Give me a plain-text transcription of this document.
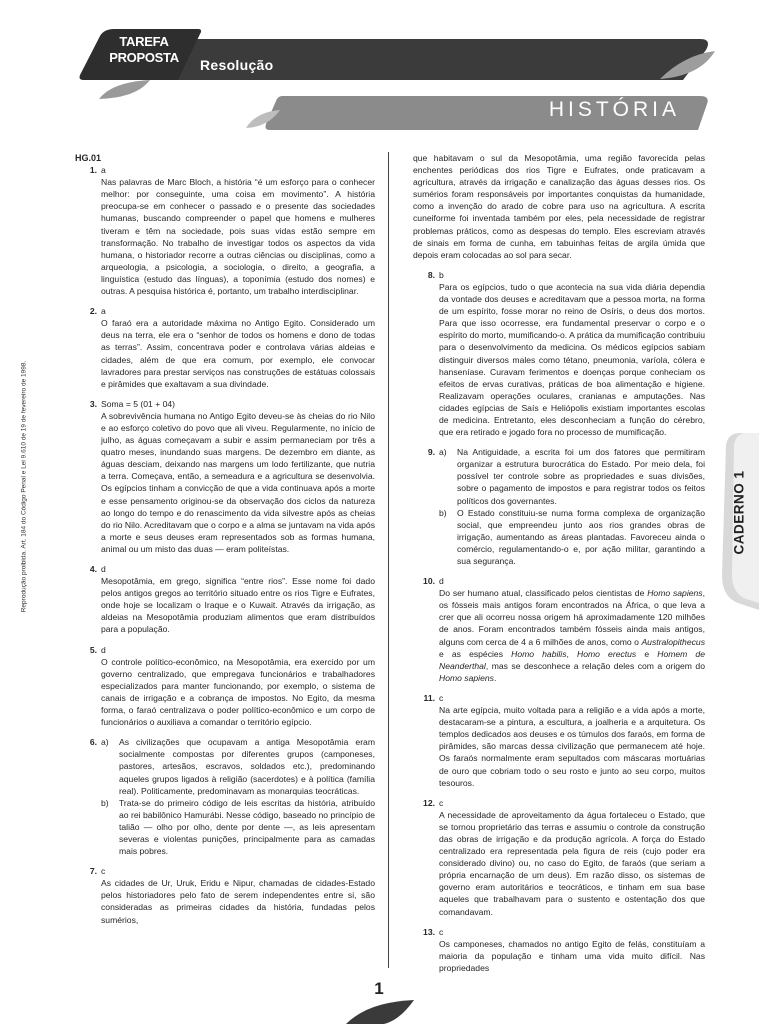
TAREFA
PROPOSTA	Resolução
HISTÓRIA
Reprodução proibida. Art. 184 do Código Penal e Lei 9.610 de 19 de fevereiro de 1998.	CADERNO 1
HG.01
1. a

Nas palavras de Marc Bloch, a história “é um esforço para o conhecer melhor: por conseguinte, uma coisa em movimento”. A história preocupa-se em conhecer o passado e o presente das sociedades humanas, buscando compreender o papel que homens e mulheres tiveram e têm na sociedade, pois suas vidas estão sempre em transformação. No trabalho de investigar todos os aspectos da vida humana, o historiador recorre a outras ciências ou disciplinas, como a arqueologia, a psicologia, a sociologia, o direito, a geografia, a linguística (estudo das línguas), a toponímia (estudo dos nomes) e outras. A pesquisa histórica é, portanto, um trabalho interdisciplinar.

2. a

O faraó era a autoridade máxima no Antigo Egito. Considerado um deus na terra, ele era o “senhor de todos os homens e dono de todas as terras”. Assim, concentrava poder e controlava várias aldeias e cidades, além de que era comum, por exemplo, ele convocar lavradores para prestar serviços nas construções de estátuas colossais e pirâmides que exaltavam a sua divindade.

3. Soma = 5 (01 + 04)

A sobrevivência humana no Antigo Egito deveu-se às cheias do rio Nilo e ao esforço coletivo do povo que ali viveu. Regularmente, no início de julho, as águas começavam a subir e assim permaneciam por três a quatro meses, inundando suas margens. De dezembro em diante, as águas desciam, deixando nas margens um lodo fertilizante, que nutria a terra. Começava, então, a semeadura e a agricultura se desenvolvia. Os egípcios tinham a convicção de que a vida continuava após a morte e esse pensamento originou-se da observação dos ciclos da natureza ao longo do tempo e do renascimento da vida silvestre após as cheias do rio Nilo. Acreditavam que o corpo e a alma se juntavam na vida após a morte e seus deuses eram representados sob as formas humana, animal ou um misto das duas — eram politeístas.

4. d

Mesopotâmia, em grego, significa “entre rios”. Esse nome foi dado pelos antigos gregos ao território situado entre os rios Tigre e Eufrates, onde hoje se localizam o Iraque e o Kuwait. Através da irrigação, as aldeias na Mesopotâmia produziam alimentos que eram distribuídos para a população.

5. d

O controle político-econômico, na Mesopotâmia, era exercido por um governo centralizado, que empregava funcionários e trabalhadores especializados para manter funcionando, por exemplo, o sistema de canais de irrigação e a cobrança de impostos. No Egito, da mesma forma, o faraó centralizava o poder político-econômico e um corpo de funcionários o auxiliava a comandar o território egípcio.

6. a)	As civilizações que ocupavam a antiga Mesopotâmia eram socialmente compostas por diferentes grupos (camponeses, pastores, artesãos, escravos, soldados etc.), predominando aqueles grupos ligados à religião (sacerdotes) e à política (família real). Politicamente, predominavam as monarquias teocráticas.

b)	Trata-se do primeiro código de leis escritas da história, atribuído ao rei babilônico Hamurábi. Nesse código, baseado no princípio de talião — olho por olho, dente por dente —, as leis apresentam severas e violentas punições, principalmente para as camadas mais pobres.

7. c

As cidades de Ur, Uruk, Eridu e Nipur, chamadas de cidades-Estado pelos historiadores pelo fato de serem independentes entre si, são consideradas as primeiras cidades da história, fundadas pelos sumérios,

que habitavam o sul da Mesopotâmia, uma região favorecida pelas enchentes periódicas dos rios Tigre e Eufrates, onde praticavam a agricultura, através da irrigação e canalização das águas desses rios. Os sumérios foram responsáveis por importantes conquistas da humanidade, como a invenção do arado de cobre para uso na agricultura. A escrita cuneiforme foi inventada também por eles, pela necessidade de registrar problemas práticos, como as despesas do templo. Eles escreviam através de sinais em forma de cunha, em tabuinhas feitas de argila úmida que depois eram colocadas ao sol para secar.

8. b

Para os egípcios, tudo o que acontecia na sua vida diária dependia da vontade dos deuses e acreditavam que a pessoa morta, na forma de um espírito, fosse morar no reino de Osíris, o deus dos mortos. Para que isso ocorresse, era fundamental preservar o corpo e o espírito do morto, mumificando-o. A prática da mumificação contribuiu para o desenvolvimento da medicina. Os médicos egípcios sabiam distinguir diversos males como tétano, pneumonia, varíola, cólera e hanseníase. Curavam ferimentos e doenças porque conheciam os efeitos de ervas curativas, práticas de boa alimentação e higiene. Realizavam operações oculares, cranianas e amputações. Nas cidades egípcias de Saís e Heliópolis existiam importantes escolas de medicina. Entretanto, eles desconheciam a função do cérebro, que era retirado e jogado fora no processo de mumificação.

9. a)	Na Antiguidade, a escrita foi um dos fatores que permitiram organizar a estrutura burocrática do Estado. Por meio dela, foi possível ter controle sobre as propriedades e suas divisões, sobre o pagamento de impostos e para registrar todos os feitos políticos dos governantes.

b)	O Estado constituiu-se numa forma complexa de organização social, que empreendeu junto aos rios grandes obras de irrigação, aumentando as áreas plantadas. Favoreceu ainda o comércio, regulamentando-o e, por ação militar, garantindo a sua segurança.

10. d

Do ser humano atual, classificado pelos cientistas de Homo sapiens, os fósseis mais antigos foram encontrados na África, o que leva a crer que ali ocorreu nossa origem há aproximadamente 120 milhões de anos. Foram encontrados também fósseis ainda mais antigos, alguns com cerca de 4 a 6 milhões de anos, como o Australopithecus e as espécies Homo habilis, Homo erectus e Homem de Neanderthal, mas se desconhece a relação deles com a origem do Homo sapiens.

11. c

Na arte egípcia, muito voltada para a religião e a vida após a morte, destacaram-se a pintura, a escultura, a joalheria e a arquitetura. Os templos dedicados aos deuses e os túmulos dos faraós, em forma de pirâmides, são marcas dessa civilização que permanecem até hoje. Os faraós normalmente eram sepultados com máscaras mortuárias de ouro que cobriam todo o seu rosto e junto ao seu corpo, muitos tesouros.

12. c

A necessidade de aproveitamento da água fortaleceu o Estado, que se tornou proprietário das terras e assumiu o controle da construção das obras de irrigação e da produção agrícola. A força do Estado centralizado era representada pela figura de reis (cujo poder era considerado divino) ou, no caso do Egito, de faraós (que seriam a própria encarnação de um deus). Em razão disso, os sistemas de governo eram autoritários e teocráticos, e tinham em sua base aqueles que trabalhavam para o sustento e ostentação dos que comandavam.

13. c

Os camponeses, chamados no antigo Egito de felás, constituíam a maioria da população e tinham uma vida muito difícil. Nas propriedades

1
